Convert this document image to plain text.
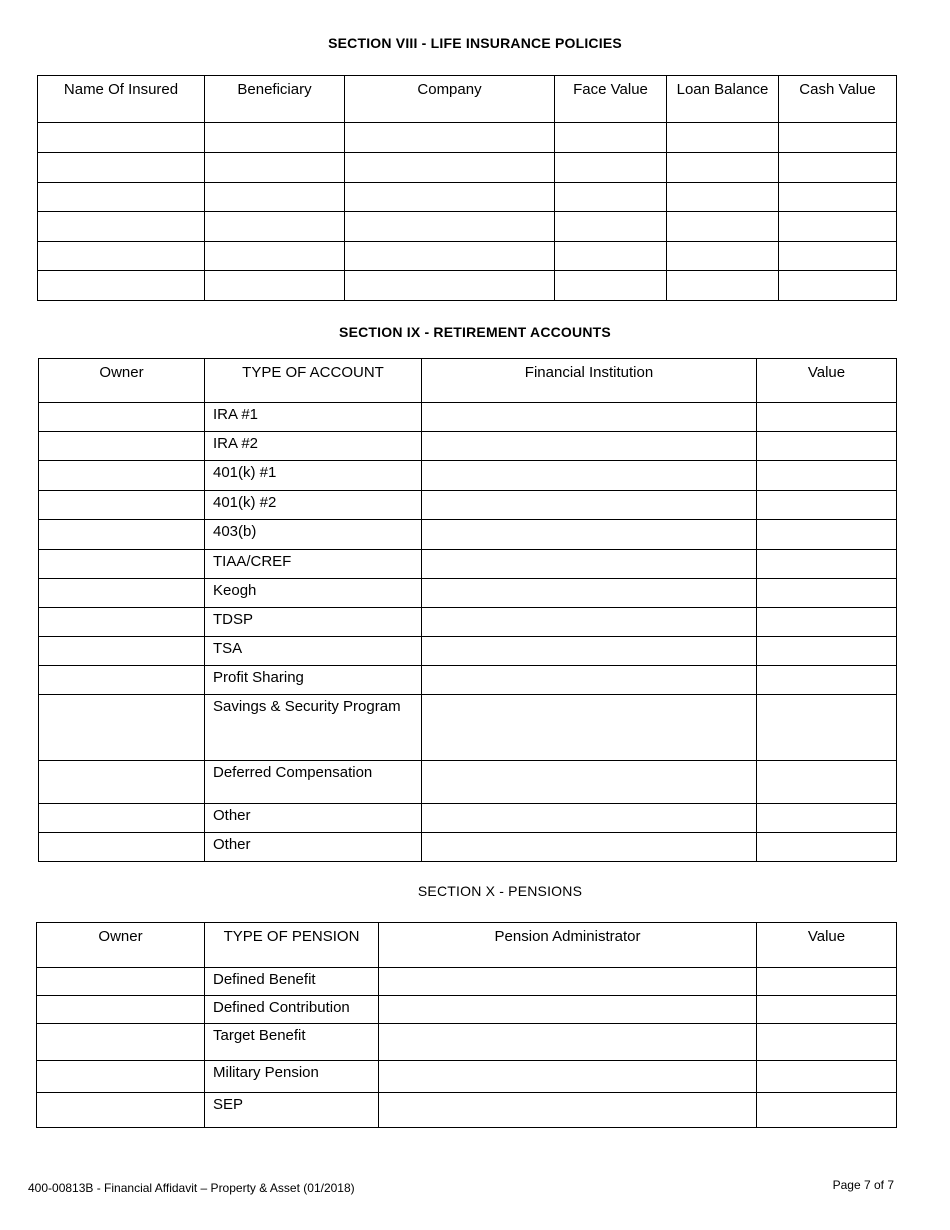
SECTION VIII - LIFE INSURANCE POLICIES
Name Of Insured	Beneficiary	Company	Face Value	Loan Balance	Cash Value

SECTION IX - RETIREMENT ACCOUNTS
Owner	TYPE OF ACCOUNT	Financial Institution	Value
	IRA #1		
	IRA #2		
	401(k) #1		
	401(k) #2		
	403(b)		
	TIAA/CREF		
	Keogh		
	TDSP		
	TSA		
	Profit Sharing		
	Savings & Security Program		
	Deferred Compensation		
	Other		
	Other		
SECTION X - PENSIONS
Owner	TYPE OF PENSION	Pension Administrator	Value
	Defined Benefit		
	Defined Contribution		
	Target Benefit		
	Military Pension		
	SEP		
400-00813B - Financial Affidavit – Property & Asset (01/2018)	Page 7 of 7
